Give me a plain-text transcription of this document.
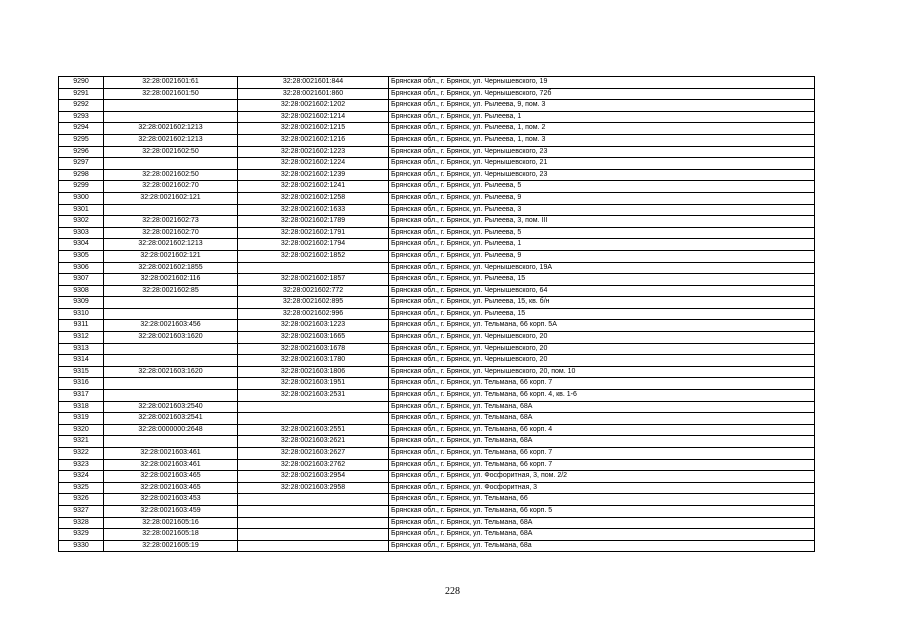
9290	32:28:0021601:61	32:28:0021601:844	Брянская обл., г. Брянск, ул. Чернышевского, 19
9291	32:28:0021601:50	32:28:0021601:860	Брянская обл., г. Брянск, ул. Чернышевского, 72б
9292		32:28:0021602:1202	Брянская обл., г. Брянск, ул. Рылеева, 9, пом. 3
9293		32:28:0021602:1214	Брянская обл., г. Брянск, ул. Рылеева, 1
9294	32:28:0021602:1213	32:28:0021602:1215	Брянская обл., г. Брянск, ул. Рылеева, 1, пом. 2
9295	32:28:0021602:1213	32:28:0021602:1216	Брянская обл., г. Брянск, ул. Рылеева, 1, пом. 3
9296	32:28:0021602:50	32:28:0021602:1223	Брянская обл., г. Брянск, ул. Чернышевского, 23
9297		32:28:0021602:1224	Брянская обл., г. Брянск, ул. Чернышевского, 21
9298	32:28:0021602:50	32:28:0021602:1239	Брянская обл., г. Брянск, ул. Чернышевского, 23
9299	32:28:0021602:70	32:28:0021602:1241	Брянская обл., г. Брянск, ул. Рылеева, 5
9300	32:28:0021602:121	32:28:0021602:1258	Брянская обл., г. Брянск, ул. Рылеева, 9
9301		32:28:0021602:1633	Брянская обл., г. Брянск, ул. Рылеева, 3
9302	32:28:0021602:73	32:28:0021602:1789	Брянская обл., г. Брянск, ул. Рылеева, 3, пом. III
9303	32:28:0021602:70	32:28:0021602:1791	Брянская обл., г. Брянск, ул. Рылеева, 5
9304	32:28:0021602:1213	32:28:0021602:1794	Брянская обл., г. Брянск, ул. Рылеева, 1
9305	32:28:0021602:121	32:28:0021602:1852	Брянская обл., г. Брянск, ул. Рылеева, 9
9306	32:28:0021602:1855		Брянская обл., г. Брянск, ул. Чернышевского, 19А
9307	32:28:0021602:116	32:28:0021602:1857	Брянская обл., г. Брянск, ул. Рылеева, 15
9308	32:28:0021602:85	32:28:0021602:772	Брянская обл., г. Брянск, ул. Чернышевского, 64
9309		32:28:0021602:895	Брянская обл., г. Брянск, ул. Рылеева, 15, кв. б/н
9310		32:28:0021602:996	Брянская обл., г. Брянск, ул. Рылеева, 15
9311	32:28:0021603:456	32:28:0021603:1223	Брянская обл., г. Брянск, ул. Тельмана, 66 корп. 5А
9312	32:28:0021603:1620	32:28:0021603:1665	Брянская обл., г. Брянск, ул. Чернышевского, 20
9313		32:28:0021603:1678	Брянская обл., г. Брянск, ул. Чернышевского, 20
9314		32:28:0021603:1780	Брянская обл., г. Брянск, ул. Чернышевского, 20
9315	32:28:0021603:1620	32:28:0021603:1806	Брянская обл., г. Брянск, ул. Чернышевского, 20, пом. 10
9316		32:28:0021603:1951	Брянская обл., г. Брянск, ул. Тельмана, 66 корп. 7
9317		32:28:0021603:2531	Брянская обл., г. Брянск, ул. Тельмана, 66 корп. 4, кв. 1-6
9318	32:28:0021603:2540		Брянская обл., г. Брянск, ул. Тельмана, 68А
9319	32:28:0021603:2541		Брянская обл., г. Брянск, ул. Тельмана, 68А
9320	32:28:0000000:2648	32:28:0021603:2551	Брянская обл., г. Брянск, ул. Тельмана, 66 корп. 4
9321		32:28:0021603:2621	Брянская обл., г. Брянск, ул. Тельмана, 68А
9322	32:28:0021603:461	32:28:0021603:2627	Брянская обл., г. Брянск, ул. Тельмана, 66 корп. 7
9323	32:28:0021603:461	32:28:0021603:2762	Брянская обл., г. Брянск, ул. Тельмана, 66 корп. 7
9324	32:28:0021603:465	32:28:0021603:2954	Брянская обл., г. Брянск, ул. Фосфоритная, 3, пом. 2/2
9325	32:28:0021603:465	32:28:0021603:2958	Брянская обл., г. Брянск, ул. Фосфоритная, 3
9326	32:28:0021603:453		Брянская обл., г. Брянск, ул. Тельмана, 66
9327	32:28:0021603:459		Брянская обл., г. Брянск, ул. Тельмана, 66 корп. 5
9328	32:28:0021605:16		Брянская обл., г. Брянск, ул. Тельмана, 68А
9329	32:28:0021605:18		Брянская обл., г. Брянск, ул. Тельмана, 68А
9330	32:28:0021605:19		Брянская обл., г. Брянск, ул. Тельмана, 68а
228
